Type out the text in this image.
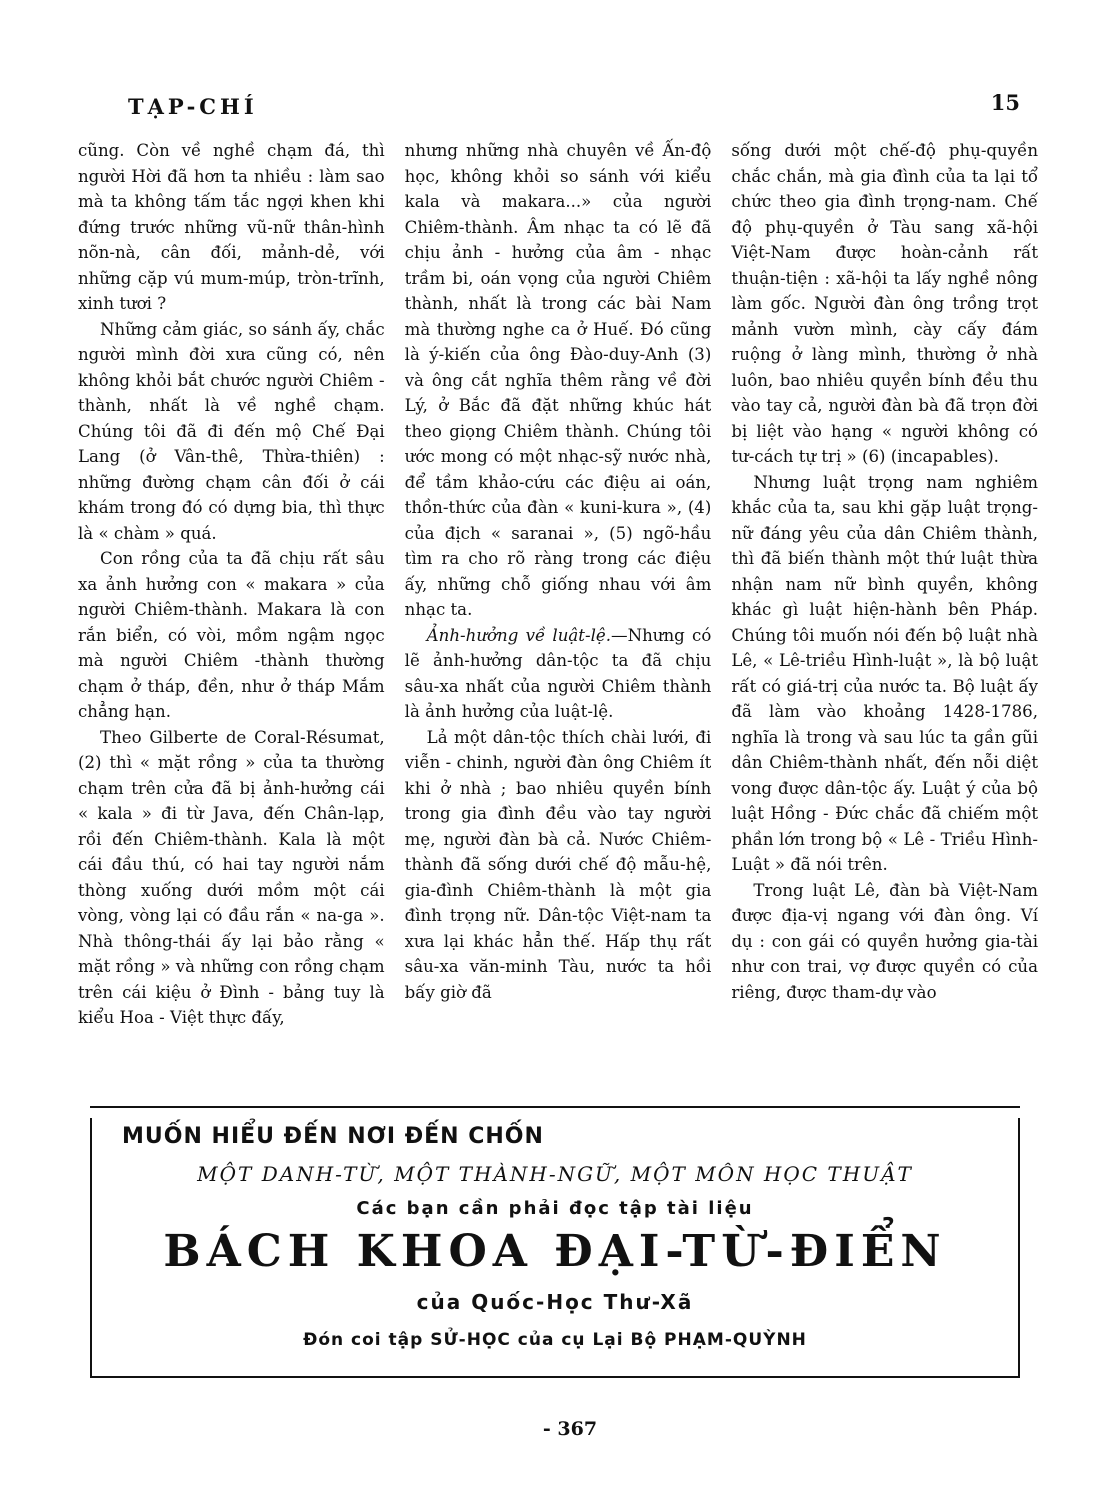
TẠP-CHÍ	15

cũng. Còn về nghề chạm đá, thì người Hời đã hơn ta nhiều : làm sao mà ta không tấm tắc ngợi khen khi đứng trước những vũ-nữ thân-hình nõn-nà, cân đối, mảnh-dẻ, với những cặp vú mum-múp, tròn-trĩnh, xinh tươi ?

Những cảm giác, so sánh ấy, chắc người mình đời xưa cũng có, nên không khỏi bắt chước người Chiêm - thành, nhất là về nghề chạm. Chúng tôi đã đi đến mộ Chế Đại Lang (ở Vân-thê, Thừa-thiên) : những đường chạm cân đối ở cái khám trong đó có dựng bia, thì thực là « chàm » quá.

Con rồng của ta đã chịu rất sâu xa ảnh hưởng con « makara » của người Chiêm-thành. Makara là con rắn biển, có vòi, mồm ngậm ngọc mà người Chiêm -thành thường chạm ở tháp, đền, như ở tháp Mắm chẳng hạn.

Theo Gilberte de Coral-Résumat, (2) thì « mặt rồng » của ta thường chạm trên cửa đã bị ảnh-hưởng cái « kala » đi từ Java, đến Chân-lạp, rồi đến Chiêm-thành. Kala là một cái đầu thú, có hai tay người nắm thòng xuống dưới mồm một cái vòng, vòng lại có đầu rắn « na-ga ». Nhà thông-thái ấy lại bảo rằng « mặt rồng » và những con rồng chạm trên cái kiệu ở Đình - bảng tuy là kiểu Hoa - Việt thực đấy,

nhưng những nhà chuyên về Ấn-độ học, không khỏi so sánh với kiểu kala và makara...» của người Chiêm-thành. Âm nhạc ta có lẽ đã chịu ảnh - hưởng của âm - nhạc trầm bi, oán vọng của người Chiêm thành, nhất là trong các bài Nam mà thường nghe ca ở Huế. Đó cũng là ý-kiến của ông Đào-duy-Anh (3) và ông cắt nghĩa thêm rằng về đời Lý, ở Bắc đã đặt những khúc hát theo giọng Chiêm thành. Chúng tôi ước mong có một nhạc-sỹ nước nhà, để tầm khảo-cứu các điệu ai oán, thồn-thức của đàn « kuni-kura », (4) của địch « saranai », (5) ngõ-hầu tìm ra cho rõ ràng trong các điệu ấy, những chỗ giống nhau với âm nhạc ta.

Ảnh-hưởng về luật-lệ.—Nhưng có lẽ ảnh-hưởng dân-tộc ta đã chịu sâu-xa nhất của người Chiêm thành là ảnh hưởng của luật-lệ.

Lả một dân-tộc thích chài lưới, đi viễn - chinh, người đàn ông Chiêm ít khi ở nhà ; bao nhiêu quyền bính trong gia đình đều vào tay người mẹ, người đàn bà cả. Nước Chiêm-thành đã sống dưới chế độ mẫu-hệ, gia-đình Chiêm-thành là một gia đình trọng nữ. Dân-tộc Việt-nam ta xưa lại khác hẳn thế. Hấp thụ rất sâu-xa văn-minh Tàu, nước ta hồi bấy giờ đã

sống dưới một chế-độ phụ-quyền chắc chắn, mà gia đình của ta lại tổ chức theo gia đình trọng-nam. Chế độ phụ-quyền ở Tàu sang xã-hội Việt-Nam được hoàn-cảnh rất thuận-tiện : xã-hội ta lấy nghề nông làm gốc. Người đàn ông trồng trọt mảnh vườn mình, cày cấy đám ruộng ở làng mình, thường ở nhà luôn, bao nhiêu quyền bính đều thu vào tay cả, người đàn bà đã trọn đời bị liệt vào hạng « người không có tư-cách tự trị » (6) (incapables).

Nhưng luật trọng nam nghiêm khắc của ta, sau khi gặp luật trọng-nữ đáng yêu của dân Chiêm thành, thì đã biến thành một thứ luật thừa nhận nam nữ bình quyền, không khác gì luật hiện-hành bên Pháp. Chúng tôi muốn nói đến bộ luật nhà Lê, « Lê-triều Hình-luật », là bộ luật rất có giá-trị của nước ta. Bộ luật ấy đã làm vào khoảng 1428-1786, nghĩa là trong và sau lúc ta gần gũi dân Chiêm-thành nhất, đến nỗi diệt vong được dân-tộc ấy. Luật ý của bộ luật Hồng - Đức chắc đã chiếm một phần lớn trong bộ « Lê - Triều Hình-Luật » đã nói trên.

Trong luật Lê, đàn bà Việt-Nam được địa-vị ngang với đàn ông. Ví dụ : con gái có quyền hưởng gia-tài như con trai, vợ được quyền có của riêng, được tham-dự vào

MUỐN HIỂU ĐẾN NƠI ĐẾN CHỐN
MỘT DANH-TỪ, MỘT THÀNH-NGỮ, MỘT MÔN HỌC THUẬT
Các bạn cần phải đọc tập tài liệu
BÁCH KHOA ĐẠI-TỪ-ĐIỂN
của Quốc-Học Thư-Xã
Đón coi tập SỬ-HỌC của cụ Lại Bộ PHẠM-QUỲNH
- 367
